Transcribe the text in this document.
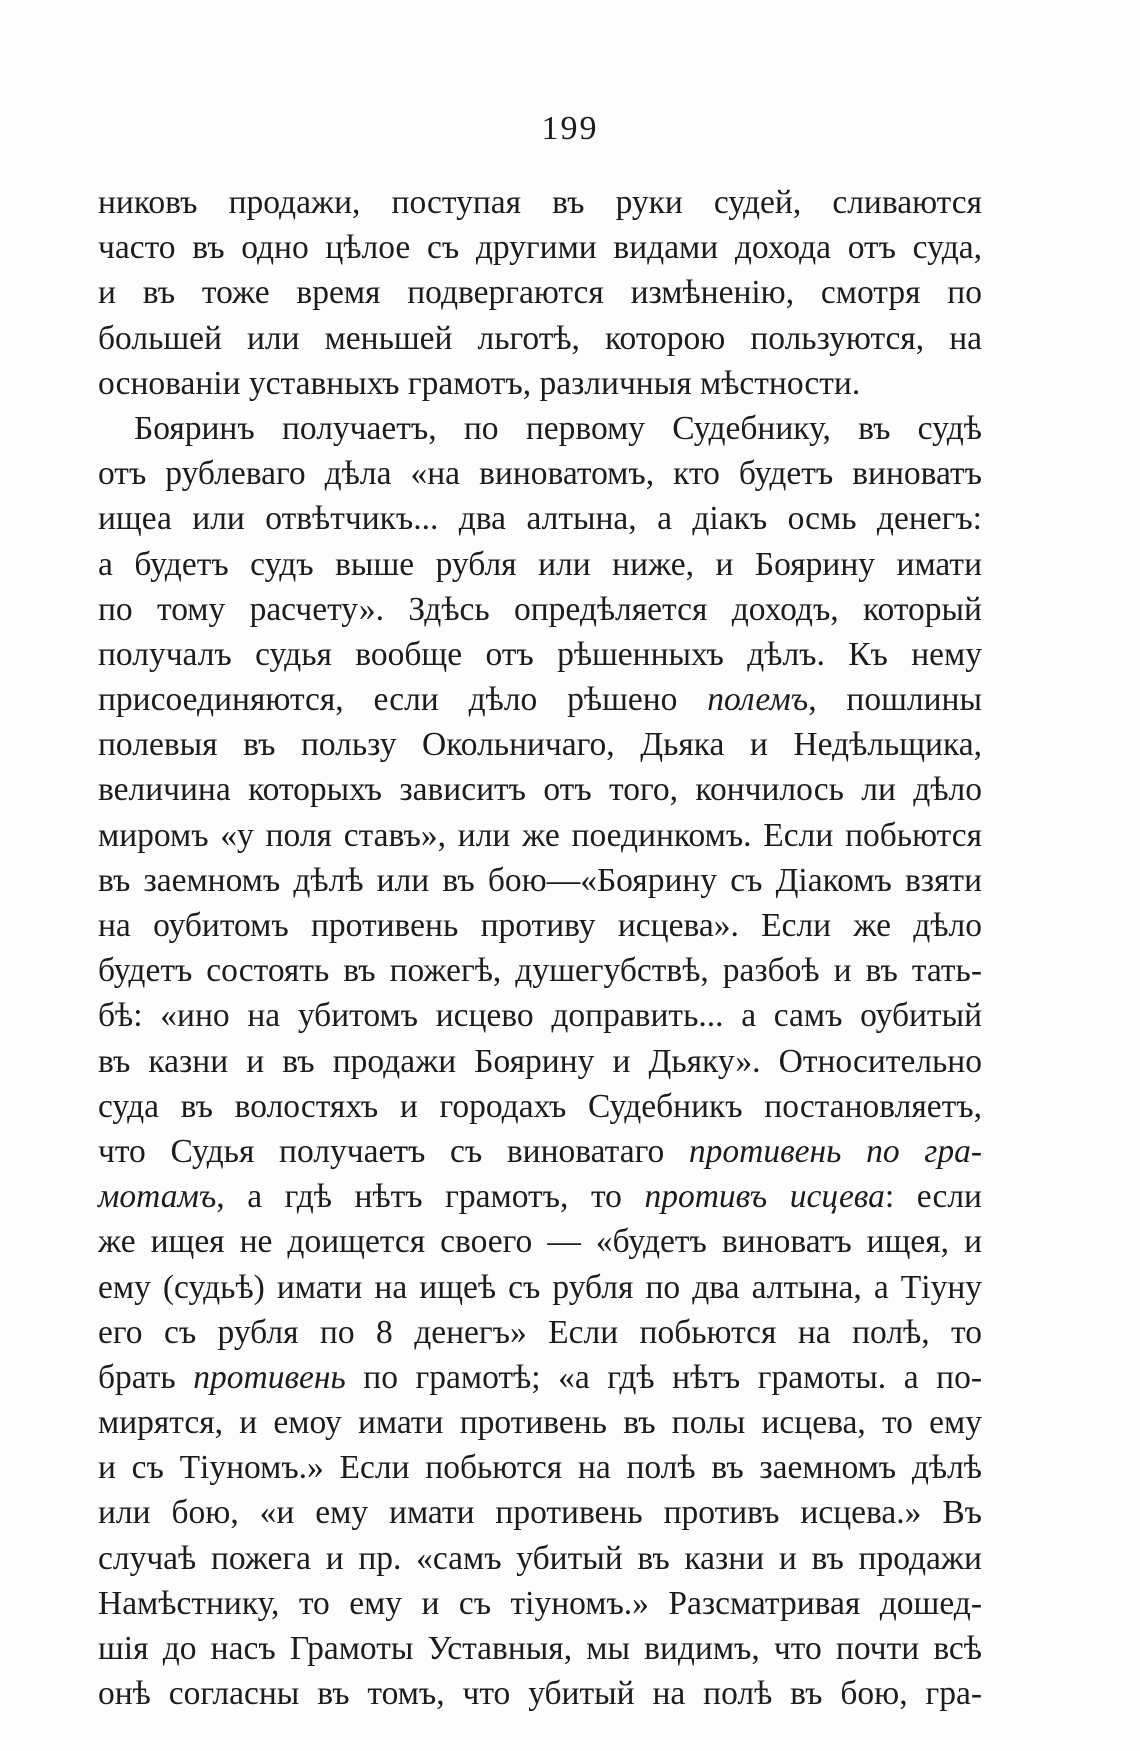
199
никовъ продажи, поступая въ руки судей, сливаются
часто въ одно цѣлое съ другими видами дохода отъ суда,
и въ тоже время подвергаются измѣненію, смотря по
большей или меньшей льготѣ, которою пользуются, на
основаніи уставныхъ грамотъ, различныя мѣстности.
Бояринъ получаетъ, по первому Судебнику, въ судѣ
отъ рублеваго дѣла «на виноватомъ, кто будетъ виноватъ
ищеа или отвѣтчикъ... два алтына, а діакъ осмь денегъ:
а будетъ судъ выше рубля или ниже, и Боярину имати
по тому расчету». Здѣсь опредѣляется доходъ, который
получалъ судья вообще отъ рѣшенныхъ дѣлъ. Къ нему
присоединяются, если дѣло рѣшено полемъ, пошлины
полевыя въ пользу Окольничаго, Дьяка и Недѣльщика,
величина которыхъ зависитъ отъ того, кончилось ли дѣло
миромъ «у поля ставъ», или же поединкомъ. Если побьются
въ заемномъ дѣлѣ или въ бою—«Боярину съ Діакомъ взяти
на оубитомъ противень противу исцева». Если же дѣло
будетъ состоять въ пожегѣ, душегубствѣ, разбоѣ и въ тать-
бѣ: «ино на убитомъ исцево доправить... а самъ оубитый
въ казни и въ продажи Боярину и Дьяку». Относительно
суда въ волостяхъ и городахъ Судебникъ постановляетъ,
что Судья получаетъ съ виноватаго противень по гра-
мотамъ, а гдѣ нѣтъ грамотъ, то противъ исцева: если
же ищея не доищется своего — «будетъ виноватъ ищея, и
ему (судьѣ) имати на ищеѣ съ рубля по два алтына, а Тіуну
его съ рубля по 8 денегъ» Если побьются на полѣ, то
брать противень по грамотѣ; «а гдѣ нѣтъ грамоты. а по-
мирятся, и емоу имати противень въ полы исцева, то ему
и съ Тіуномъ.» Если побьются на полѣ въ заемномъ дѣлѣ
или бою, «и ему имати противень противъ исцева.» Въ
случаѣ пожега и пр. «самъ убитый въ казни и въ продажи
Намѣстнику, то ему и съ тіуномъ.» Разсматривая дошед-
шія до насъ Грамоты Уставныя, мы видимъ, что почти всѣ
онѣ согласны въ томъ, что убитый на полѣ въ бою, гра-
